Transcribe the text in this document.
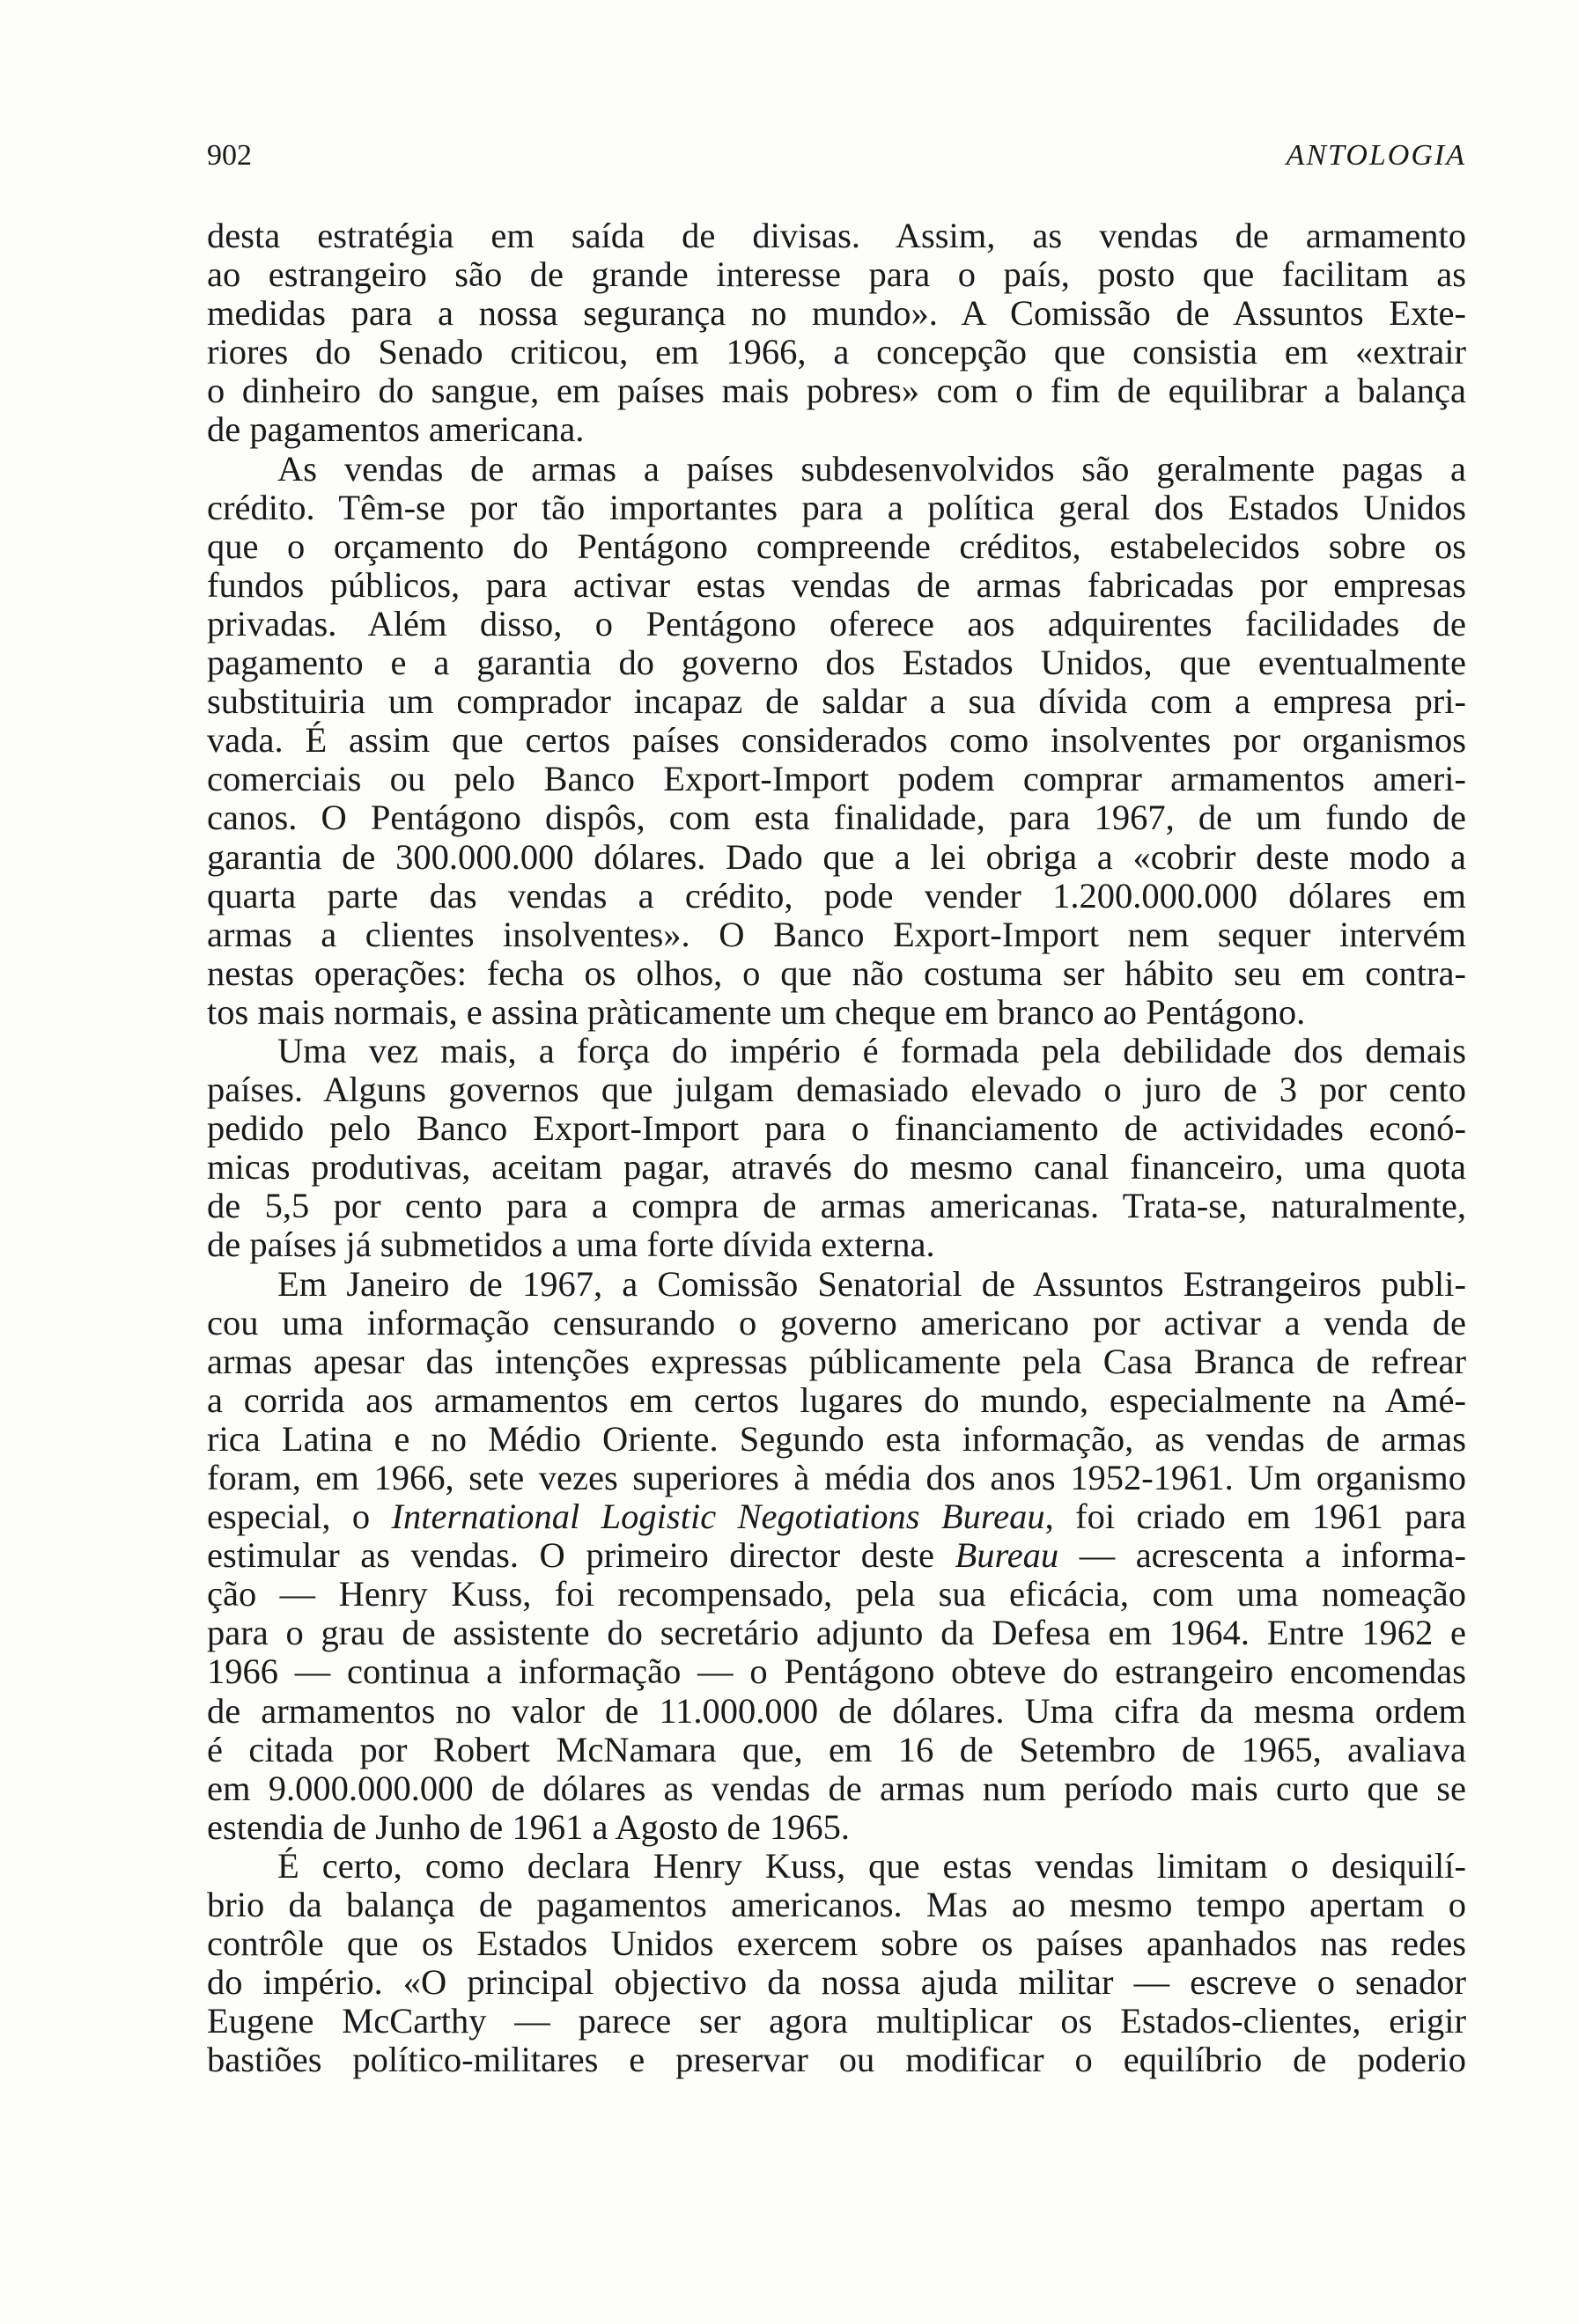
902	ANTOLOGIA

desta estratégia em saída de divisas. Assim, as vendas de armamento
ao estrangeiro são de grande interesse para o país, posto que facilitam as
medidas para a nossa segurança no mundo». A Comissão de Assuntos Exte-
riores do Senado criticou, em 1966, a concepção que consistia em «extrair
o dinheiro do sangue, em países mais pobres» com o fim de equilibrar a balança
de pagamentos americana.

As vendas de armas a países subdesenvolvidos são geralmente pagas a
crédito. Têm-se por tão importantes para a política geral dos Estados Unidos
que o orçamento do Pentágono compreende créditos, estabelecidos sobre os
fundos públicos, para activar estas vendas de armas fabricadas por empresas
privadas. Além disso, o Pentágono oferece aos adquirentes facilidades de
pagamento e a garantia do governo dos Estados Unidos, que eventualmente
substituiria um comprador incapaz de saldar a sua dívida com a empresa pri-
vada. É assim que certos países considerados como insolventes por organismos
comerciais ou pelo Banco Export-Import podem comprar armamentos ameri-
canos. O Pentágono dispôs, com esta finalidade, para 1967, de um fundo de
garantia de 300.000.000 dólares. Dado que a lei obriga a «cobrir deste modo a
quarta parte das vendas a crédito, pode vender 1.200.000.000 dólares em
armas a clientes insolventes». O Banco Export-Import nem sequer intervém
nestas operações: fecha os olhos, o que não costuma ser hábito seu em contra-
tos mais normais, e assina pràticamente um cheque em branco ao Pentágono.

Uma vez mais, a força do império é formada pela debilidade dos demais
países. Alguns governos que julgam demasiado elevado o juro de 3 por cento
pedido pelo Banco Export-Import para o financiamento de actividades econó-
micas produtivas, aceitam pagar, através do mesmo canal financeiro, uma quota
de 5,5 por cento para a compra de armas americanas. Trata-se, naturalmente,
de países já submetidos a uma forte dívida externa.

Em Janeiro de 1967, a Comissão Senatorial de Assuntos Estrangeiros publi-
cou uma informação censurando o governo americano por activar a venda de
armas apesar das intenções expressas públicamente pela Casa Branca de refrear
a corrida aos armamentos em certos lugares do mundo, especialmente na Amé-
rica Latina e no Médio Oriente. Segundo esta informação, as vendas de armas
foram, em 1966, sete vezes superiores à média dos anos 1952-1961. Um organismo
especial, o International Logistic Negotiations Bureau, foi criado em 1961 para
estimular as vendas. O primeiro director deste Bureau — acrescenta a informa-
ção — Henry Kuss, foi recompensado, pela sua eficácia, com uma nomeação
para o grau de assistente do secretário adjunto da Defesa em 1964. Entre 1962 e
1966 — continua a informação — o Pentágono obteve do estrangeiro encomendas
de armamentos no valor de 11.000.000 de dólares. Uma cifra da mesma ordem
é citada por Robert McNamara que, em 16 de Setembro de 1965, avaliava
em 9.000.000.000 de dólares as vendas de armas num período mais curto que se
estendia de Junho de 1961 a Agosto de 1965.

É certo, como declara Henry Kuss, que estas vendas limitam o desiquilí-
brio da balança de pagamentos americanos. Mas ao mesmo tempo apertam o
contrôle que os Estados Unidos exercem sobre os países apanhados nas redes
do império. «O principal objectivo da nossa ajuda militar — escreve o senador
Eugene McCarthy — parece ser agora multiplicar os Estados-clientes, erigir
bastiões político-militares e preservar ou modificar o equilíbrio de poderio
